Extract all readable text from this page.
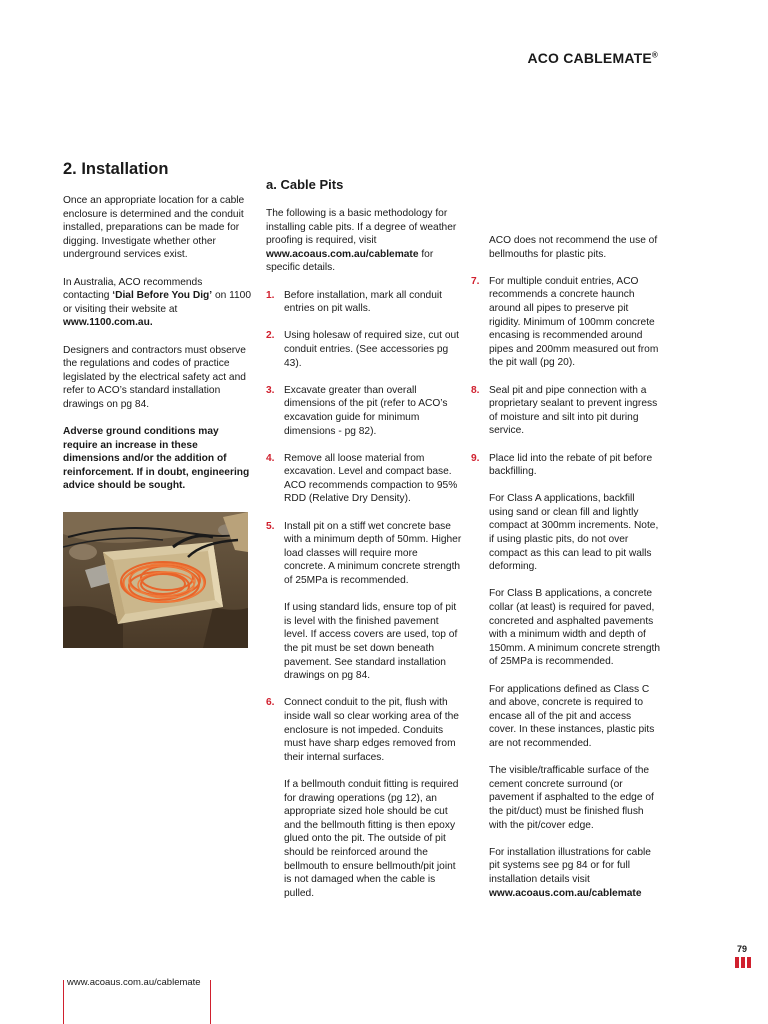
ACO CABLEMATE®
2. Installation
a. Cable Pits

Once an appropriate location for a cable enclosure is determined and the conduit installed, preparations can be made for digging. Investigate whether other underground services exist.

In Australia, ACO recommends contacting ‘Dial Before You Dig’ on 1100 or visiting their website at www.1100.com.au.

Designers and contractors must observe the regulations and codes of practice legislated by the electrical safety act and refer to ACO’s standard installation drawings on pg 84.

Adverse ground conditions may require an increase in these dimensions and/or the addition of reinforcement. If in doubt, engineering advice should be sought.

The following is a basic methodology for installing cable pits. If a degree of weather proofing is required, visit www.acoaus.com.au/cablemate for specific details.

1. Before installation, mark all conduit entries on pit walls.
2. Using holesaw of required size, cut out conduit entries. (See accessories pg 43).
3. Excavate greater than overall dimensions of the pit (refer to ACO’s excavation guide for minimum dimensions - pg 82).
4. Remove all loose material from excavation. Level and compact base. ACO recommends compaction to 95% RDD (Relative Dry Density).
5. Install pit on a stiff wet concrete base with a minimum depth of 50mm. Higher load classes will require more concrete. A minimum concrete strength of 25MPa is recommended.
If using standard lids, ensure top of pit is level with the finished pavement level. If access covers are used, top of the pit must be set down beneath pavement. See standard installation drawings on pg 84.
6. Connect conduit to the pit, flush with inside wall so clear working area of the enclosure is not impeded. Conduits must have sharp edges removed from their internal surfaces.
If a bellmouth conduit fitting is required for drawing operations (pg 12), an appropriate sized hole should be cut and the bellmouth fitting is then epoxy glued onto the pit. The outside of pit should be reinforced around the bellmouth to ensure bellmouth/pit joint is not damaged when the cable is pulled.
ACO does not recommend the use of bellmouths for plastic pits.
7. For multiple conduit entries, ACO recommends a concrete haunch around all pipes to preserve pit rigidity. Minimum of 100mm concrete encasing is recommended around pipes and 200mm measured out from the pit wall (pg 20).
8. Seal pit and pipe connection with a proprietary sealant to prevent ingress of moisture and silt into pit during service.
9. Place lid into the rebate of pit before backfilling.
For Class A applications, backfill using sand or clean fill and lightly compact at 300mm increments. Note, if using plastic pits, do not over compact as this can lead to pit walls deforming.
For Class B applications, a concrete collar (at least) is required for paved, concreted and asphalted pavements with a minimum width and depth of 150mm. A minimum concrete strength of 25MPa is recommended.
For applications defined as Class C and above, concrete is required to encase all of the pit and access cover. In these instances, plastic pits are not recommended.
The visible/trafficable surface of the cement concrete surround (or pavement if asphalted to the edge of the pit/duct) must be finished flush with the pit/cover edge.
For installation illustrations for cable pit systems see pg 84 or for full installation details visit
www.acoaus.com.au/cablemate
79
www.acoaus.com.au/cablemate
